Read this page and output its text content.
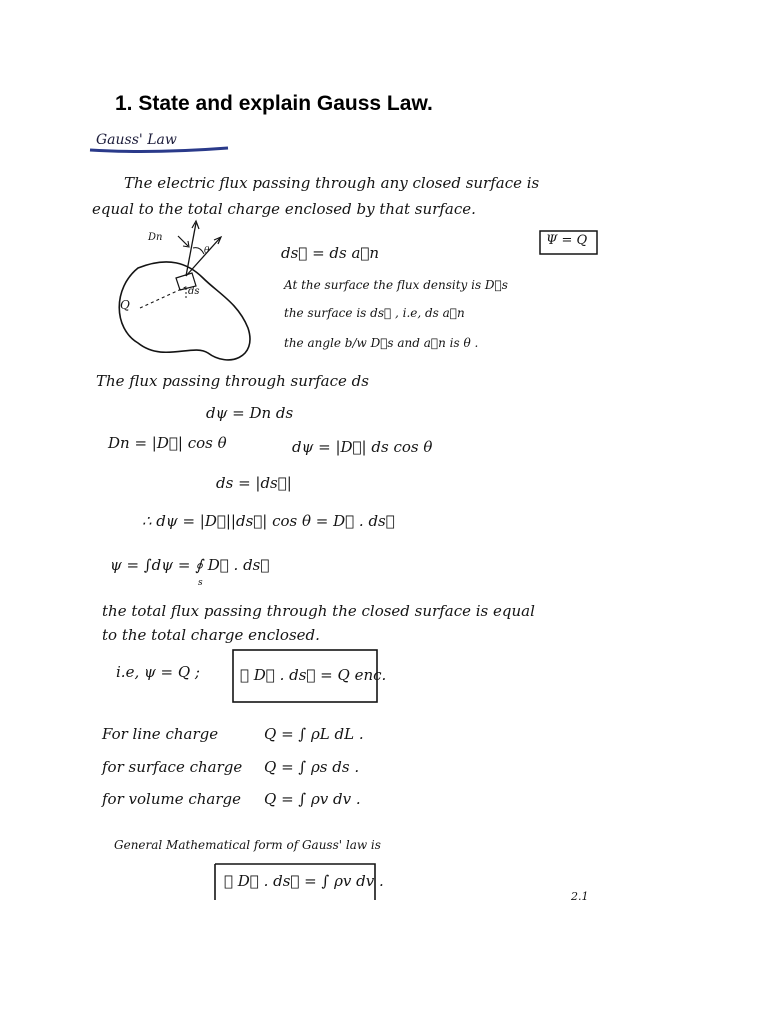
1. State and explain Gauss Law.
Gauss' Law
The electric flux passing through any closed surface is
equal to the total charge enclosed by that surface.
Ψ = Q
Dn
ds
Q
θ	ds⃗ = ds a⃗n
At the surface the flux density is D⃗s
the surface is ds⃗ , i.e, ds a⃗n
the angle b/w D⃗s and a⃗n is θ .
The flux passing through surface ds
dψ = Dn ds
Dn = |D⃗| cos θ	dψ = |D⃗| ds cos θ
ds = |ds⃗|
∴ dψ = |D⃗||ds⃗| cos θ = D⃗ . ds⃗
ψ = ∫dψ = ∮ D⃗ . ds⃗
s
the total flux passing through the closed surface is equal
to the total charge enclosed.
i.e, ψ = Q ;	∮ D⃗ . ds⃗ = Q enc.
For line charge	Q = ∫ ρL dL .
for surface charge Q = ∫ ρs ds .
for volume charge Q = ∫ ρv dv .
General Mathematical form of Gauss' law is
∮ D⃗ . ds⃗ = ∫ ρv dv .
2.1
